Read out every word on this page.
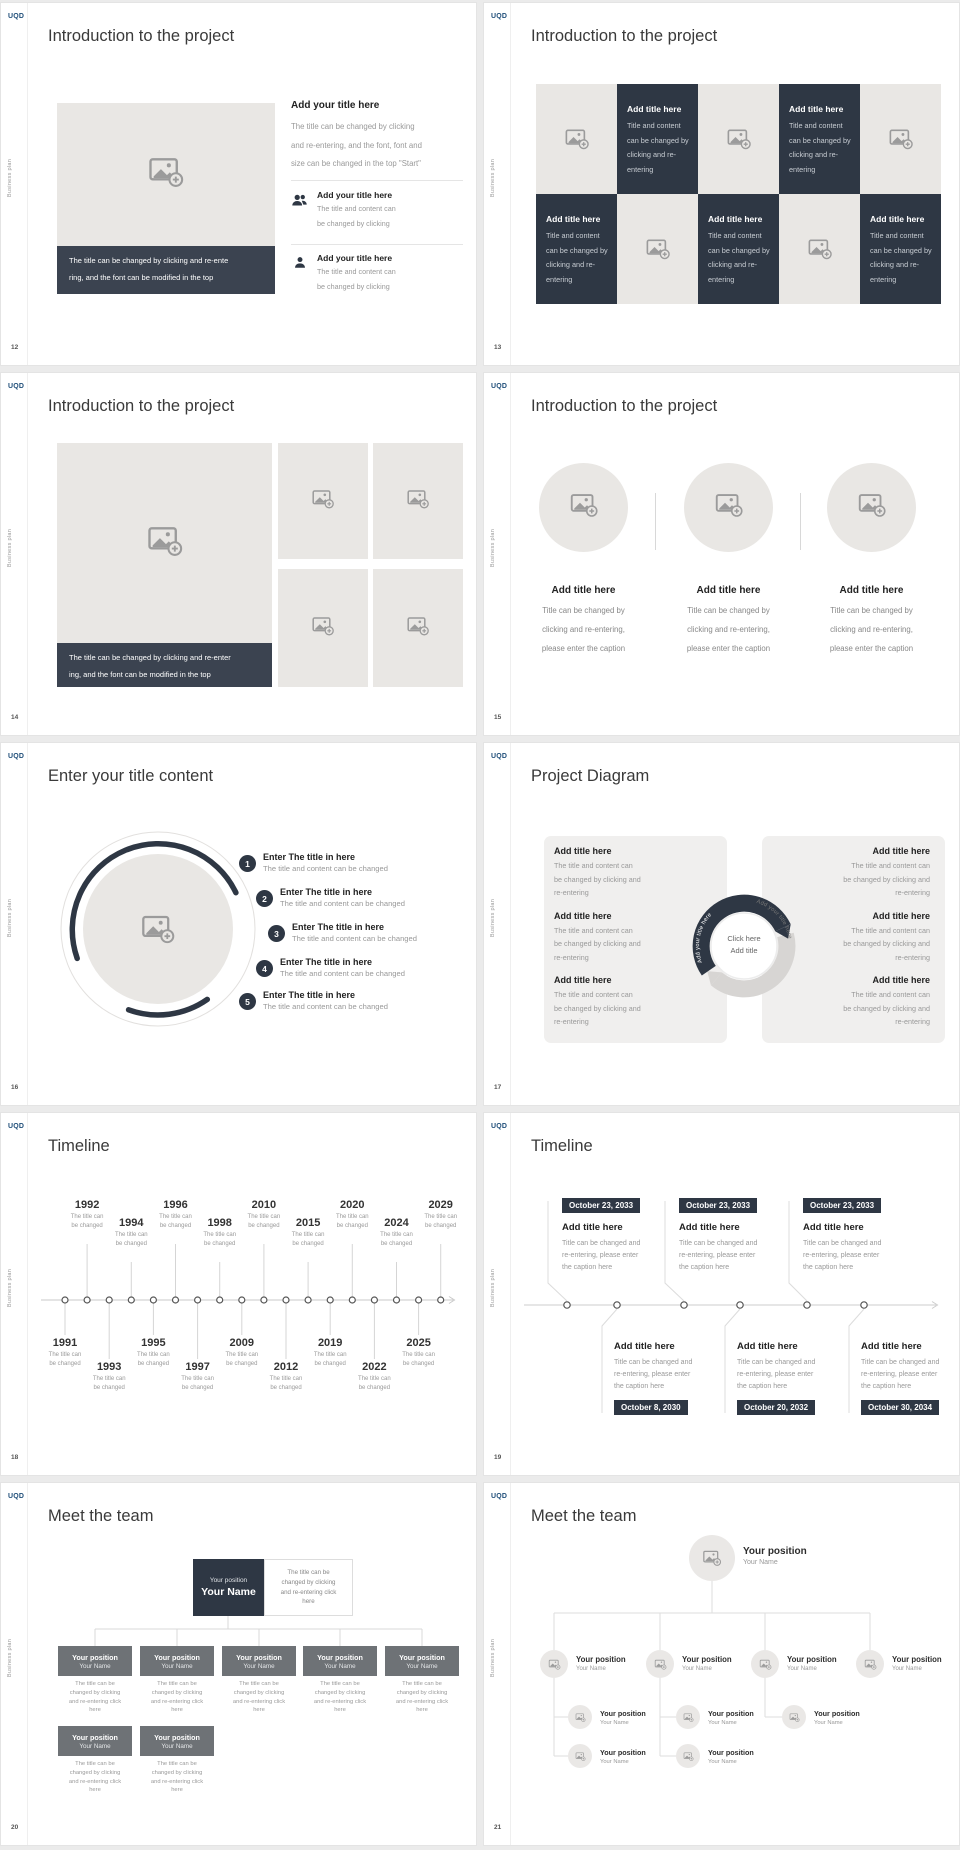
UQD
Business plan
Introduction to the project
12
The title can be changed by clicking and re-ente
ring, and the font can be modified in the top
Add your title here
The title can be changed by clicking
and re-entering, and the font, font and
size can be changed in the top "Start"
Add your title here
The title and content can
be changed by clicking
Add your title here
The title and content can
be changed by clicking
UQD
Business plan
Introduction to the project
13
Add title here
Title and content can be changed by clicking and re-entering
Add title here
Title and content can be changed by clicking and re-entering
Add title here
Title and content can be changed by clicking and re-entering
Add title here
Title and content can be changed by clicking and re-entering
Add title here
Title and content can be changed by clicking and re-entering
UQD
Business plan
Introduction to the project
14
The title can be changed by clicking and re-enter
ing, and the font can be modified in the top
UQD
Business plan
Introduction to the project
15
Add title here
Title can be changed by
clicking and re-entering,
please enter the caption
Add title here
Title can be changed by
clicking and re-entering,
please enter the caption
Add title here
Title can be changed by
clicking and re-entering,
please enter the caption
UQD
Business plan
Enter your title content
16
1
Enter The title in here
The title and content can be changed
2
Enter The title in here
The title and content can be changed
3
Enter The title in here
The title and content can be changed
4
Enter The title in here
The title and content can be changed
5
Enter The title in here
The title and content can be changed
UQD
Business plan
Project Diagram
17
Add title here
The title and content can
be changed by clicking and
re-entering
Add title here
The title and content can
be changed by clicking and
re-entering
Add title here
The title and content can
be changed by clicking and
re-entering
Add title here
The title and content can
be changed by clicking and
re-entering
Add title here
The title and content can
be changed by clicking and
re-entering
Add title here
The title and content can
be changed by clicking and
re-entering
Add your title here
Add your title here
Click here
Add title
UQD
Business plan
Timeline
18
1991
The title can
be changed
1992
The title can
be changed
1993
The title can
be changed
1994
The title can
be changed
1995
The title can
be changed
1996
The title can
be changed
1997
The title can
be changed
1998
The title can
be changed
2009
The title can
be changed
2010
The title can
be changed
2012
The title can
be changed
2015
The title can
be changed
2019
The title can
be changed
2020
The title can
be changed
2022
The title can
be changed
2024
The title can
be changed
2025
The title can
be changed
2029
The title can
be changed
UQD
Business plan
Timeline
19
October 23, 2033
Add title here
Title can be changed and
re-entering, please enter
the caption here
October 23, 2033
Add title here
Title can be changed and
re-entering, please enter
the caption here
October 23, 2033
Add title here
Title can be changed and
re-entering, please enter
the caption here
Add title here
Title can be changed and
re-entering, please enter
the caption here
October 8, 2030
Add title here
Title can be changed and
re-entering, please enter
the caption here
October 20, 2032
Add title here
Title can be changed and
re-entering, please enter
the caption here
October 30, 2034
UQD
Business plan
Meet the team
20
Your position
Your Name
The title can be
changed by clicking
and re-entering click
here
Your position
Your Name
The title can be
changed by clicking
and re-entering click
here
Your position
Your Name
The title can be
changed by clicking
and re-entering click
here
Your position
Your Name
The title can be
changed by clicking
and re-entering click
here
Your position
Your Name
The title can be
changed by clicking
and re-entering click
here
Your position
Your Name
The title can be
changed by clicking
and re-entering click
here
Your position
Your Name
The title can be
changed by clicking
and re-entering click
here
Your position
Your Name
The title can be
changed by clicking
and re-entering click
here
UQD
Business plan
Meet the team
21
Your position
Your Name
Your position
Your Name
Your position
Your Name
Your position
Your Name
Your position
Your Name
Your position
Your Name
Your position
Your Name
Your position
Your Name
Your position
Your Name
Your position
Your Name
